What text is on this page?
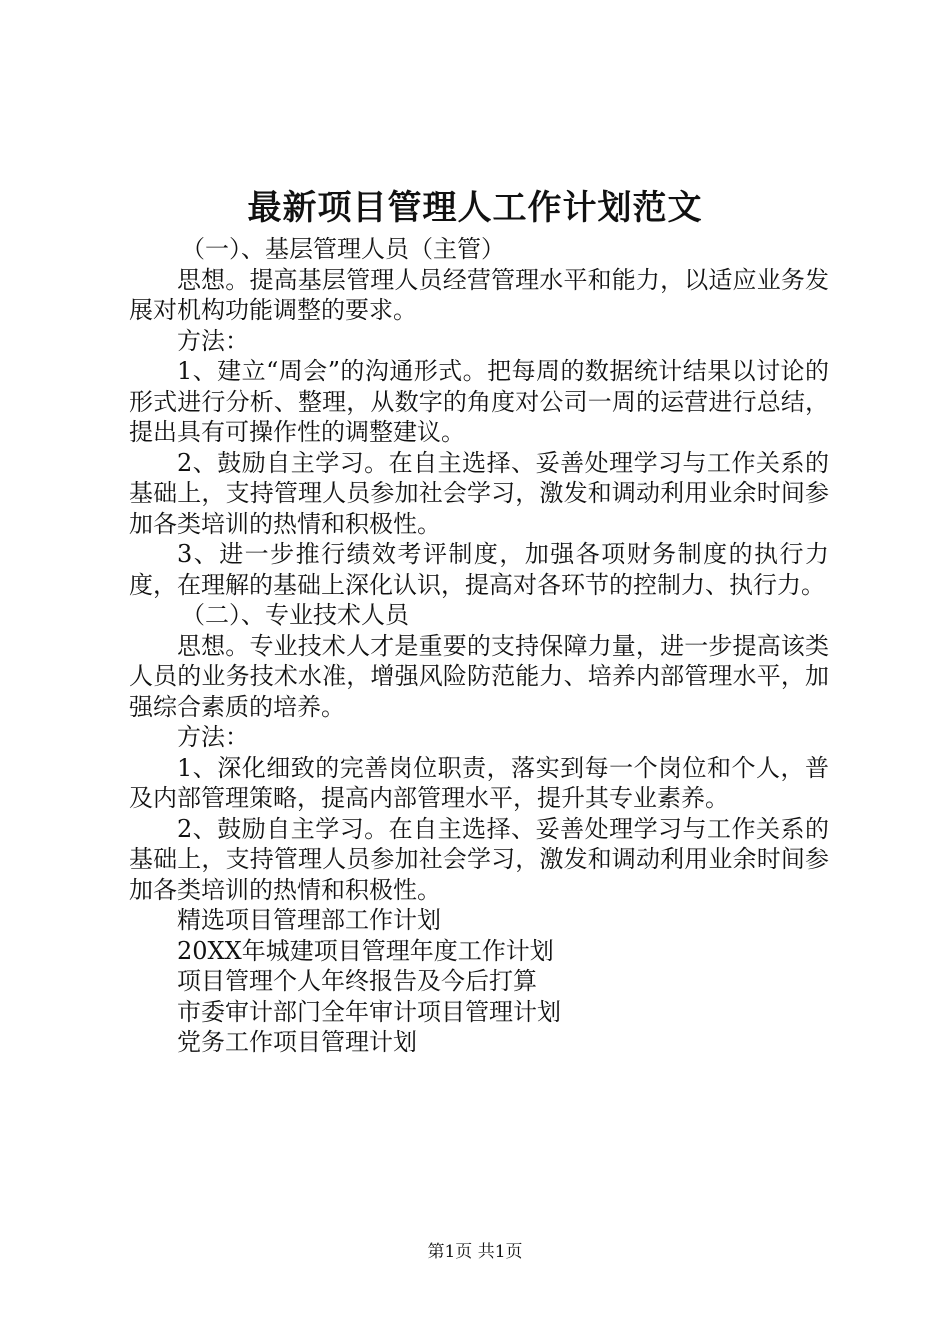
最新项目管理人工作计划范文

（一）、基层管理人员（主管）

思想。提高基层管理人员经营管理水平和能力，以适应业务发展对机构功能调整的要求。

方法：

1、建立“周会”的沟通形式。把每周的数据统计结果以讨论的形式进行分析、整理，从数字的角度对公司一周的运营进行总结，提出具有可操作性的调整建议。

2、鼓励自主学习。在自主选择、妥善处理学习与工作关系的基础上，支持管理人员参加社会学习，激发和调动利用业余时间参加各类培训的热情和积极性。

3、进一步推行绩效考评制度，加强各项财务制度的执行力度，在理解的基础上深化认识，提高对各环节的控制力、执行力。

（二）、专业技术人员

思想。专业技术人才是重要的支持保障力量，进一步提高该类人员的业务技术水准，增强风险防范能力、培养内部管理水平，加强综合素质的培养。

方法：

1、深化细致的完善岗位职责，落实到每一个岗位和个人，普及内部管理策略，提高内部管理水平，提升其专业素养。

2、鼓励自主学习。在自主选择、妥善处理学习与工作关系的基础上，支持管理人员参加社会学习，激发和调动利用业余时间参加各类培训的热情和积极性。

精选项目管理部工作计划

20XX年城建项目管理年度工作计划

项目管理个人年终报告及今后打算

市委审计部门全年审计项目管理计划

党务工作项目管理计划

第1页 共1页
